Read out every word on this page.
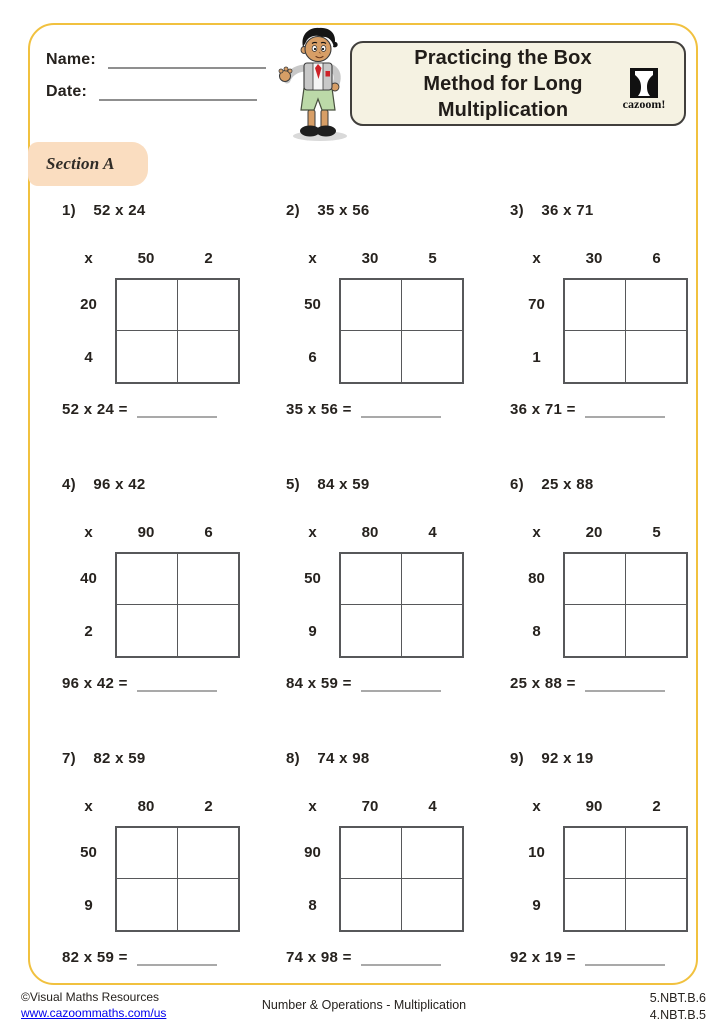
Name:
Date:
Practicing the Box Method for Long Multiplication	cazoom!
Section A
1) 52 x 24
x	50	2
20
4
52 x 24 =
2) 35 x 56
x	30	5
50
6
35 x 56 =
3) 36 x 71
x	30	6
70
1
36 x 71 =
4) 96 x 42
x	90	6
40
2
96 x 42 =
5) 84 x 59
x	80	4
50
9
84 x 59 =
6) 25 x 88
x	20	5
80
8
25 x 88 =
7) 82 x 59
x	80	2
50
9
82 x 59 =
8) 74 x 98
x	70	4
90
8
74 x 98 =
9) 92 x 19
x	90	2
10
9
92 x 19 =
©Visual Maths Resources
www.cazoommaths.com/us
Number & Operations - Multiplication	5.NBT.B.6
4.NBT.B.5
